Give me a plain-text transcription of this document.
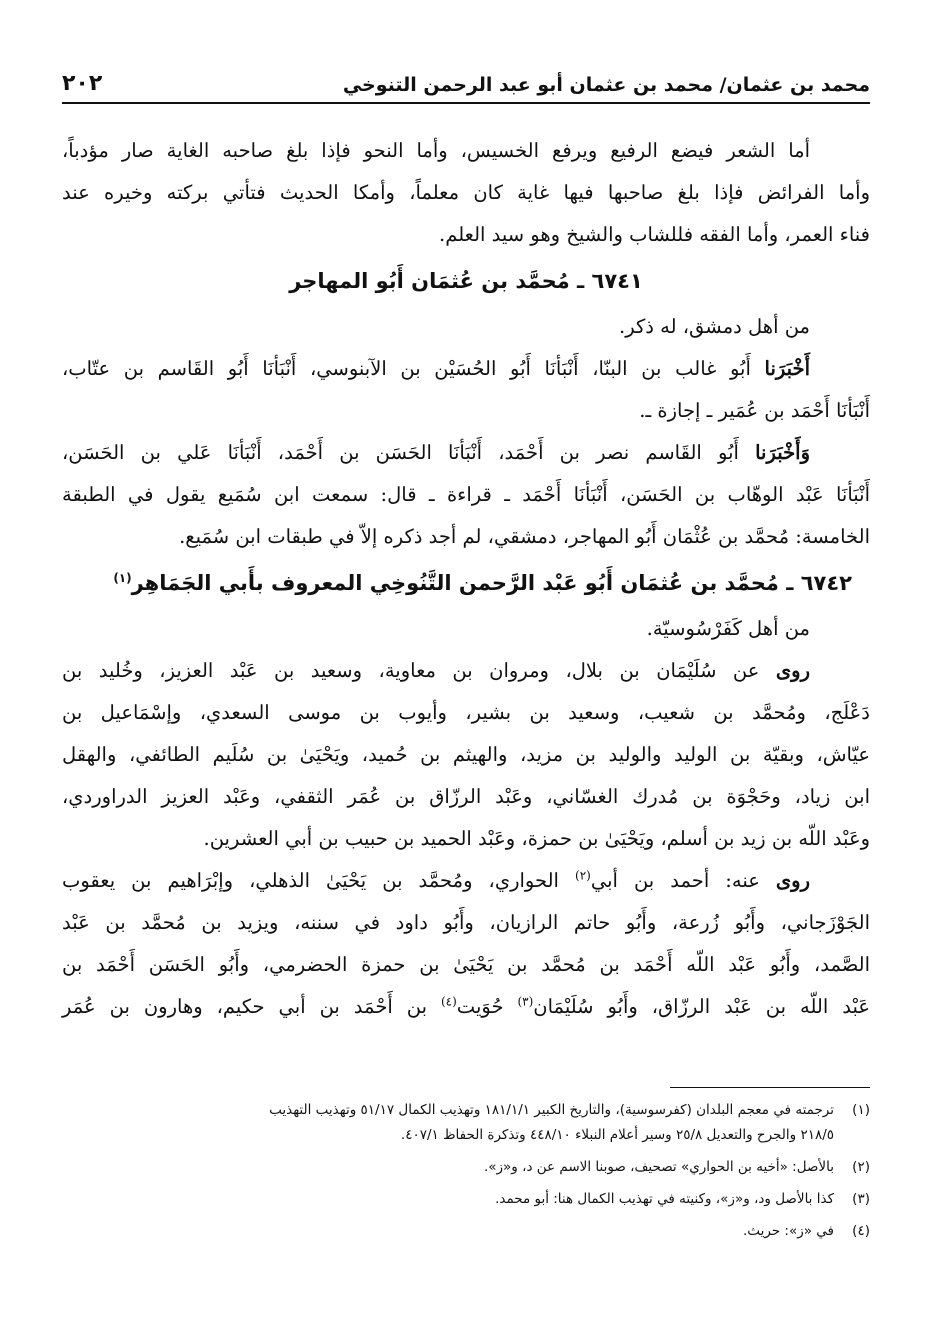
محمد بن عثمان/ محمد بن عثمان أبو عبد الرحمن التنوخي
٢٠٢
أما الشعر فيضع الرفيع ويرفع الخسيس، وأما النحو فإذا بلغ صاحبه الغاية صار مؤدباً،
وأما الفرائض فإذا بلغ صاحبها فيها غاية كان معلماً، وأمكا الحديث فتأتي بركته وخيره عند
فناء العمر، وأما الفقه فللشاب والشيخ وهو سيد العلم.
٦٧٤١ ـ مُحمَّد بن عُثمَان أَبُو المهاجر
من أهل دمشق، له ذكر.
أَخْبَرَنا أَبُو غالب بن البنّا، أَنْبَأنَا أَبُو الحُسَيْن بن الآبنوسي، أَنْبَأنَا أَبُو القَاسم بن عتّاب،
أَنْبَأنَا أَحْمَد بن عُمَير ـ إجازة ـ.
وَأَخْبَرَنا أَبُو القَاسم نصر بن أَحْمَد، أَنْبَأنَا الحَسَن بن أَحْمَد، أَنْبَأنَا عَلي بن الحَسَن،
أَنْبَأنَا عَبْد الوهّاب بن الحَسَن، أَنْبَأنَا أَحْمَد ـ قراءة ـ قال: سمعت ابن سُمَيع يقول في الطبقة
الخامسة: مُحمَّد بن عُثْمَان أَبُو المهاجر، دمشقي، لم أجد ذكره إلاّ في طبقات ابن سُمَيع.
٦٧٤٢ ـ مُحمَّد بن عُثمَان أَبُو عَبْد الرَّحمن التَّنُوخِي المعروف بأَبي الجَمَاهِر$^{(١)}$
من أهل كَفَرْسُوسيّة.
روى عن سُلَيْمَان بن بلال، ومروان بن معاوية، وسعيد بن عَبْد العزيز، وخُليد بن
دَعْلَج، ومُحمَّد بن شعيب، وسعيد بن بشير، وأيوب بن موسى السعدي، وإسْمَاعيل بن
عيّاش، وبقيّة بن الوليد والوليد بن مزيد، والهيثم بن حُميد، ويَحْيَىٰ بن سُلَيم الطائفي، والهقل
ابن زياد، وحَجْوَة بن مُدرك الغسّاني، وعَبْد الرزّاق بن عُمَر الثقفي، وعَبْد العزيز الدراوردي،
وعَبْد اللّه بن زيد بن أسلم، ويَحْيَىٰ بن حمزة، وعَبْد الحميد بن حبيب بن أبي العشرين.
روى عنه: أحمد بن أبي$^{(٢)}$ الحواري، ومُحمَّد بن يَحْيَىٰ الذهلي، وإبْرَاهيم بن يعقوب
الجَوْزَجاني، وأَبُو زُرعة، وأَبُو حاتم الرازيان، وأَبُو داود في سننه، ويزيد بن مُحمَّد بن عَبْد
الصَّمد، وأَبُو عَبْد اللّه أَحْمَد بن مُحمَّد بن يَحْيَىٰ بن حمزة الحضرمي، وأَبُو الحَسَن أَحْمَد بن
عَبْد اللّه بن عَبْد الرزّاق، وأَبُو سُلَيْمَان$^{(٣)}$ حُوَيت$^{(٤)}$ بن أَحْمَد بن أبي حكيم، وهارون بن عُمَر
(١)ترجمته في معجم البلدان (كفرسوسية)، والتاريخ الكبير ١٨١/١/١ وتهذيب الكمال ٥١/١٧ وتهذيب التهذيب
٢١٨/٥ والجرح والتعديل ٢٥/٨ وسير أعلام النبلاء ٤٤٨/١٠ وتذكرة الحفاظ ٤٠٧/١.
(٢)بالأصل: «أخيه بن الحواري» تصحيف، صوبنا الاسم عن د، و«ز».
(٣)كذا بالأصل ود، و«ز»، وكنيته في تهذيب الكمال هنا: أبو محمد.
(٤)في «ز»: حريث.
